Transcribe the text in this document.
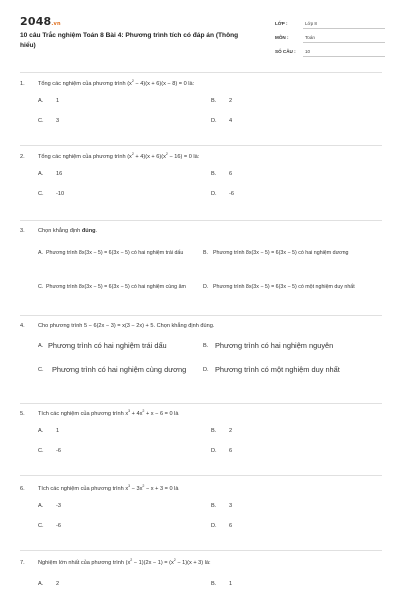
2048.vn
10 câu Trắc nghiệm Toán 8 Bài 4: Phương trình tích có đáp án (Thông hiểu)
LỚP :	Lớp 8
MÔN :	Toán
SỐ CÂU :	10
1.	Tổng các nghiệm của phương trình $(x^2 - 4)(x + 6)(x - 8) = 0$ là:
A.	1	B.	2
C.	3	D.	4
2.	Tổng các nghiệm của phương trình $(x^2 + 4)(x + 6)(x^2 - 16) = 0$ là:
A.	16	B.	6
C.	-10	D.	-6
3.	Chọn khẳng định đúng.
A. Phương trình 8x(3x − 5) = 6(3x − 5) có hai nghiệm trái dấu	B. Phương trình 8x(3x − 5) = 6(3x − 5) có hai nghiệm dương
C. Phương trình 8x(3x − 5) = 6(3x − 5) có hai nghiệm cùng âm	D. Phương trình 8x(3x − 5) = 6(3x − 5) có một nghiệm duy nhất
4.	Cho phương trình 5 − 6(2x − 3) = x(3 − 2x) + 5. Chọn khẳng định đúng.
A. Phương trình có hai nghiệm trái dấu	B. Phương trình có hai nghiệm nguyên
C.	Phương trình có hai nghiệm cùng dương	D. Phương trình có một nghiệm duy nhất
5.	Tích các nghiệm của phương trình $x^3 + 4x^2 + x - 6 = 0$ là
A.	1	B.	2
C.	-6	D.	6
6.	Tích các nghiệm của phương trình $x^3 - 3x^2 - x + 3 = 0$ là
A.	-3	B.	3
C.	-6	D.	6
7.	Nghiệm lớn nhất của phương trình $(x^2 - 1)(2x - 1) = (x^2 - 1)(x + 3)$ là:
A.	2	B.	1
